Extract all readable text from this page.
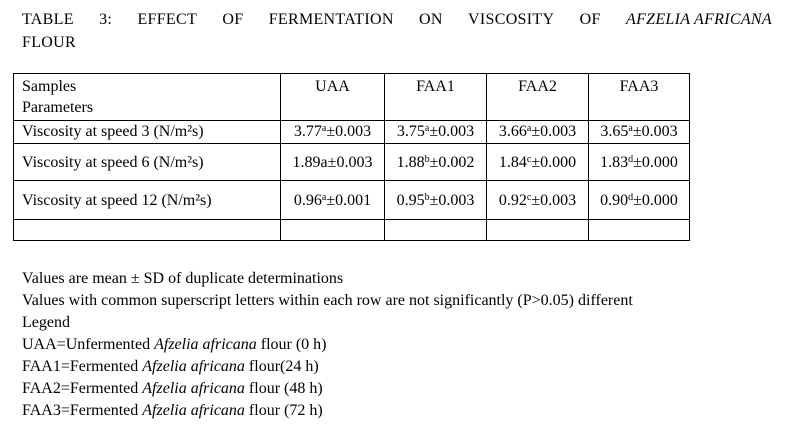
TABLE 3: EFFECT OF FERMENTATION ON VISCOSITY OF AFZELIA AFRICANA
FLOUR
Samples
Parameters	UAA	FAA1	FAA2	FAA3
Viscosity at speed 3 (N/m²s)	3.77$^a$±0.003	3.75$^a$±0.003	3.66$^a$±0.003	3.65$^a$±0.003
Viscosity at speed 6 (N/m²s)	1.89a±0.003	1.88$^b$±0.002	1.84$^c$±0.000	1.83$^d$±0.000
Viscosity at speed 12 (N/m²s)	0.96$^a$±0.001	0.95$^b$±0.003	0.92$^c$±0.003	0.90$^d$±0.000

Values are mean ± SD of duplicate determinations
Values with common superscript letters within each row are not significantly (P>0.05) different
Legend
UAA=Unfermented Afzelia africana flour (0 h)
FAA1=Fermented Afzelia africana flour(24 h)
FAA2=Fermented Afzelia africana flour (48 h)
FAA3=Fermented Afzelia africana flour (72 h)
